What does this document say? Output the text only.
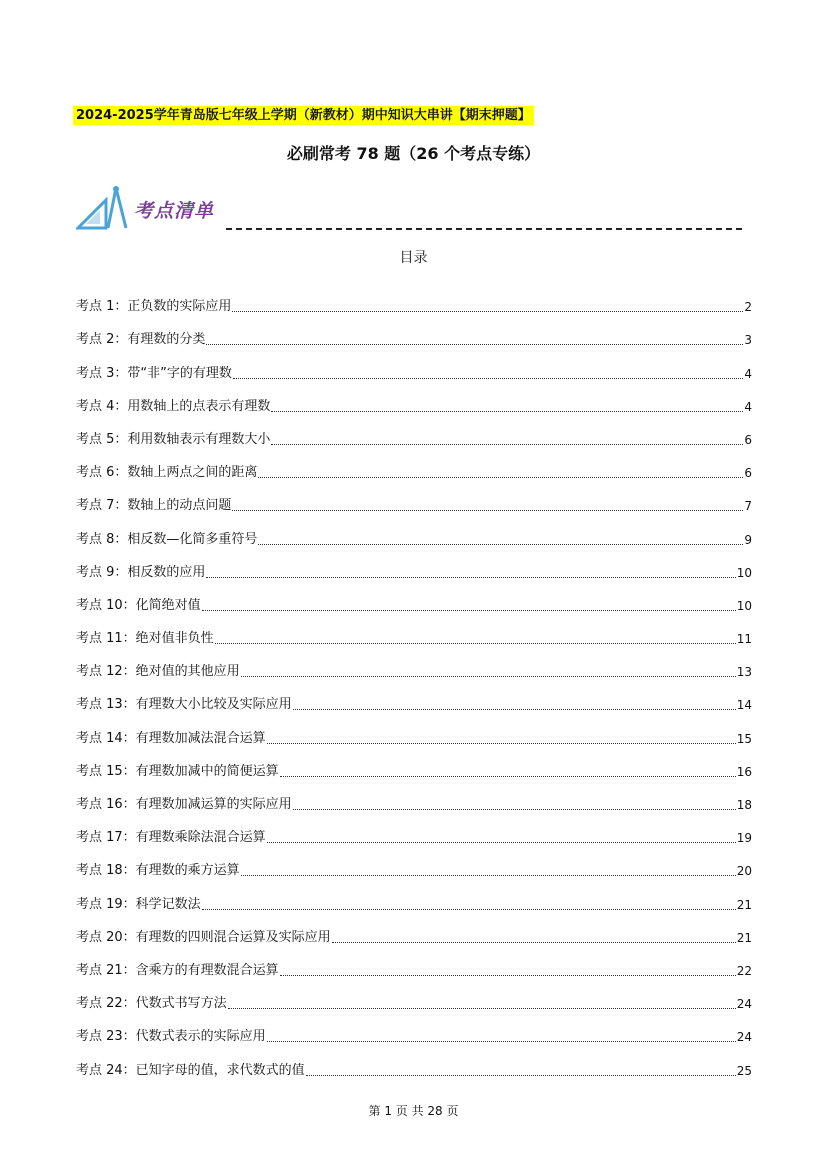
2024-2025学年青岛版七年级上学期（新教材）期中知识大串讲【期末押题】
必刷常考 78 题（26 个考点专练）
考点清单
目录
考点 1：正负数的实际应用	2
考点 2：有理数的分类	3
考点 3：带“非”字的有理数	4
考点 4：用数轴上的点表示有理数	4
考点 5：利用数轴表示有理数大小	6
考点 6：数轴上两点之间的距离	6
考点 7：数轴上的动点问题	7
考点 8：相反数—化简多重符号	9
考点 9：相反数的应用	10
考点 10：化简绝对值	10
考点 11：绝对值非负性	11
考点 12：绝对值的其他应用	13
考点 13：有理数大小比较及实际应用	14
考点 14：有理数加减法混合运算	15
考点 15：有理数加减中的简便运算	16
考点 16：有理数加减运算的实际应用	18
考点 17：有理数乘除法混合运算	19
考点 18：有理数的乘方运算	20
考点 19：科学记数法	21
考点 20：有理数的四则混合运算及实际应用	21
考点 21：含乘方的有理数混合运算	22
考点 22：代数式书写方法	24
考点 23：代数式表示的实际应用	24
考点 24：已知字母的值，求代数式的值	25
第 1 页 共 28 页
